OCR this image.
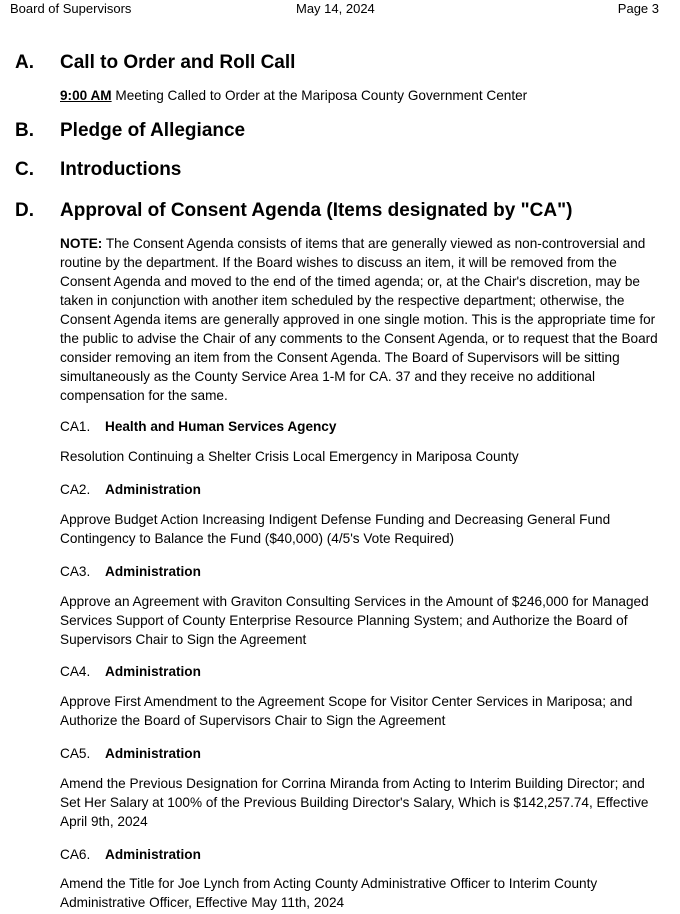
Board of Supervisors	May 14, 2024	Page 3
A. Call to Order and Roll Call
9:00 AM Meeting Called to Order at the Mariposa County Government Center
B. Pledge of Allegiance
C. Introductions
D. Approval of Consent Agenda (Items designated by "CA")
NOTE: The Consent Agenda consists of items that are generally viewed as non-controversial and routine by the department. If the Board wishes to discuss an item, it will be removed from the Consent Agenda and moved to the end of the timed agenda; or, at the Chair's discretion, may be taken in conjunction with another item scheduled by the respective department; otherwise, the Consent Agenda items are generally approved in one single motion. This is the appropriate time for the public to advise the Chair of any comments to the Consent Agenda, or to request that the Board consider removing an item from the Consent Agenda. The Board of Supervisors will be sitting simultaneously as the County Service Area 1-M for CA. 37 and they receive no additional compensation for the same.
CA1. Health and Human Services Agency
Resolution Continuing a Shelter Crisis Local Emergency in Mariposa County
CA2. Administration
Approve Budget Action Increasing Indigent Defense Funding and Decreasing General Fund Contingency to Balance the Fund ($40,000) (4/5's Vote Required)
CA3. Administration
Approve an Agreement with Graviton Consulting Services in the Amount of $246,000 for Managed Services Support of County Enterprise Resource Planning System; and Authorize the Board of Supervisors Chair to Sign the Agreement
CA4. Administration
Approve First Amendment to the Agreement Scope for Visitor Center Services in Mariposa; and Authorize the Board of Supervisors Chair to Sign the Agreement
CA5. Administration
Amend the Previous Designation for Corrina Miranda from Acting to Interim Building Director; and Set Her Salary at 100% of the Previous Building Director's Salary, Which is $142,257.74, Effective April 9th, 2024
CA6. Administration
Amend the Title for Joe Lynch from Acting County Administrative Officer to Interim County Administrative Officer, Effective May 11th, 2024
